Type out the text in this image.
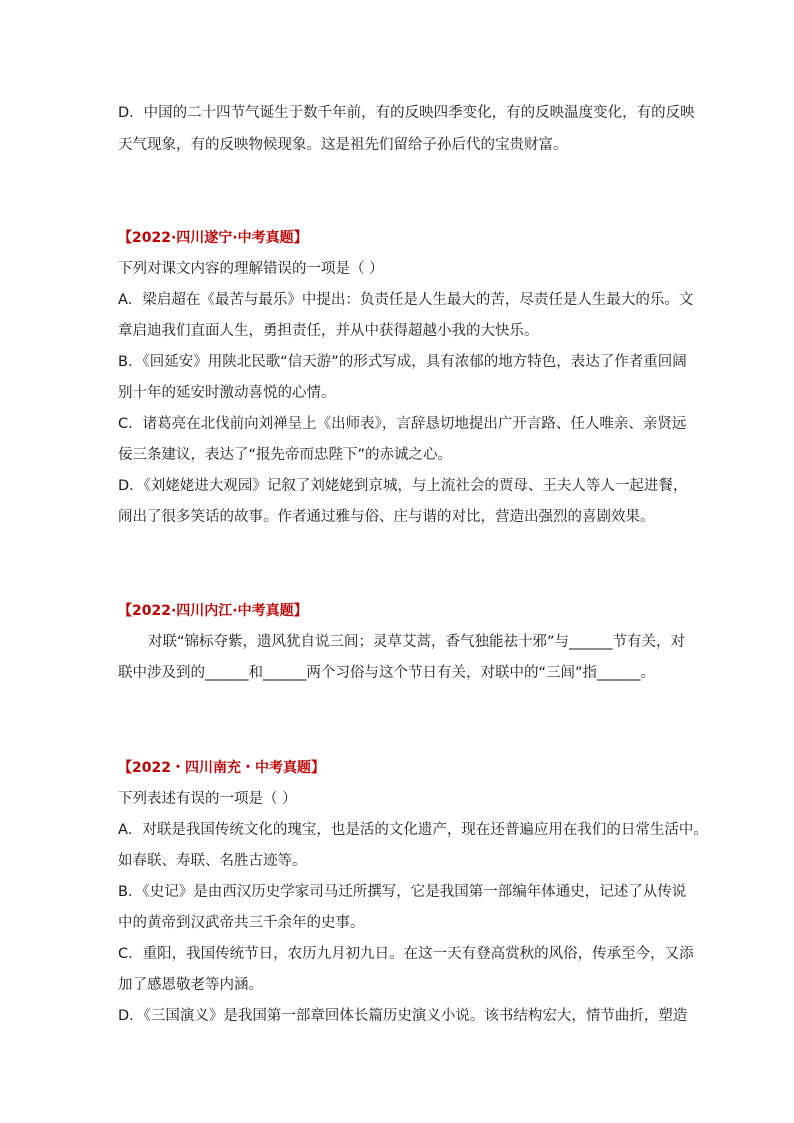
D．中国的二十四节气诞生于数千年前，有的反映四季变化，有的反映温度变化，有的反映
天气现象，有的反映物候现象。这是祖先们留给子孙后代的宝贵财富。
【2022·四川遂宁·中考真题】
下列对课文内容的理解错误的一项是（ ）
A．梁启超在《最苦与最乐》中提出：负责任是人生最大的苦，尽责任是人生最大的乐。文
章启迪我们直面人生，勇担责任，并从中获得超越小我的大快乐。
B．《回延安》用陕北民歌“信天游”的形式写成，具有浓郁的地方特色，表达了作者重回阔
别十年的延安时激动喜悦的心情。
C．诸葛亮在北伐前向刘禅呈上《出师表》，言辞恳切地提出广开言路、任人唯亲、亲贤远
佞三条建议，表达了“报先帝而忠陛下”的赤诚之心。
D．《刘姥姥进大观园》记叙了刘姥姥到京城，与上流社会的贾母、王夫人等人一起进餐，
闹出了很多笑话的故事。作者通过雅与俗、庄与谐的对比，营造出强烈的喜剧效果。
【2022·四川内江·中考真题】
对联“锦标夺紫，遗风犹自说三闾；灵草艾蒿，香气独能祛十邪”与______节有关，对
联中涉及到的______和______两个习俗与这个节日有关，对联中的“三闾”指______。
【2022・四川南充・中考真题】
下列表述有误的一项是（ ）
A．对联是我国传统文化的瑰宝，也是活的文化遗产，现在还普遍应用在我们的日常生活中。
如春联、寿联、名胜古迹等。
B．《史记》是由西汉历史学家司马迁所撰写，它是我国第一部编年体通史，记述了从传说
中的黄帝到汉武帝共三千余年的史事。
C．重阳，我国传统节日，农历九月初九日。在这一天有登高赏秋的风俗，传承至今，又添
加了感恩敬老等内涵。
D．《三国演义》是我国第一部章回体长篇历史演义小说。该书结构宏大，情节曲折，塑造
